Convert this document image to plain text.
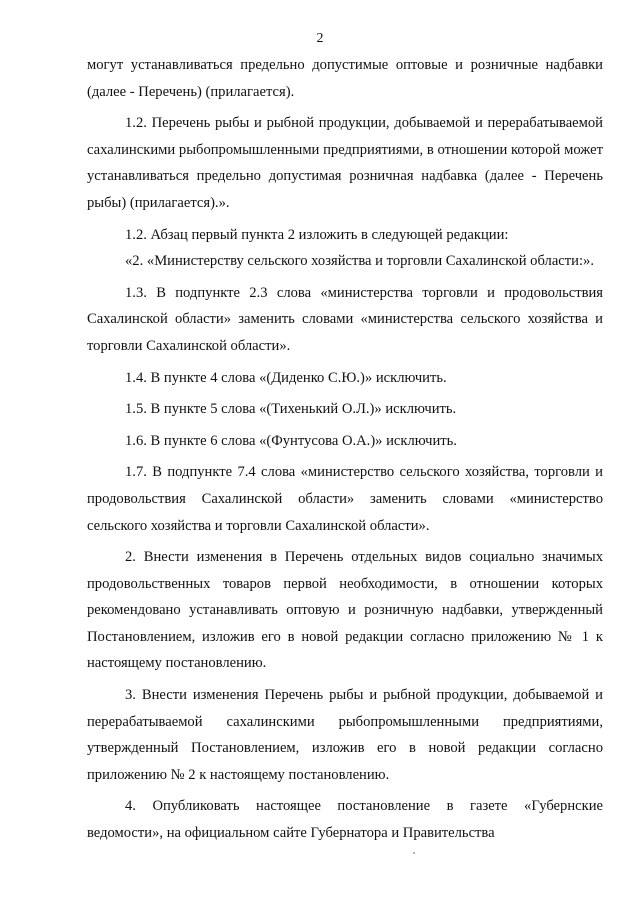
2

могут устанавливаться предельно допустимые оптовые и розничные надбавки (далее - Перечень) (прилагается).

1.2. Перечень рыбы и рыбной продукции, добываемой и перерабатываемой сахалинскими рыбопромышленными предприятиями, в отношении которой может устанавливаться предельно допустимая розничная надбавка (далее - Перечень рыбы) (прилагается).».

1.2. Абзац первый пункта 2 изложить в следующей редакции:

«2. «Министерству сельского хозяйства и торговли Сахалинской области:».

1.3. В подпункте 2.3 слова «министерства торговли и продовольствия Сахалинской области» заменить словами «министерства сельского хозяйства и торговли Сахалинской области».

1.4. В пункте 4 слова «(Диденко С.Ю.)» исключить.

1.5. В пункте 5 слова «(Тихенький О.Л.)» исключить.

1.6. В пункте 6 слова «(Фунтусова О.А.)» исключить.

1.7. В подпункте 7.4 слова «министерство сельского хозяйства, торговли и продовольствия Сахалинской области» заменить словами «министерство сельского хозяйства и торговли Сахалинской области».

2. Внести изменения в Перечень отдельных видов социально значимых продовольственных товаров первой необходимости, в отношении которых рекомендовано устанавливать оптовую и розничную надбавки, утвержденный Постановлением, изложив его в новой редакции согласно приложению № 1 к настоящему постановлению.

3. Внести изменения Перечень рыбы и рыбной продукции, добываемой и перерабатываемой сахалинскими рыбопромышленными предприятиями, утвержденный Постановлением, изложив его в новой редакции согласно приложению № 2 к настоящему постановлению.

4. Опубликовать настоящее постановление в газете «Губернские ведомости», на официальном сайте Губернатора и Правительства
